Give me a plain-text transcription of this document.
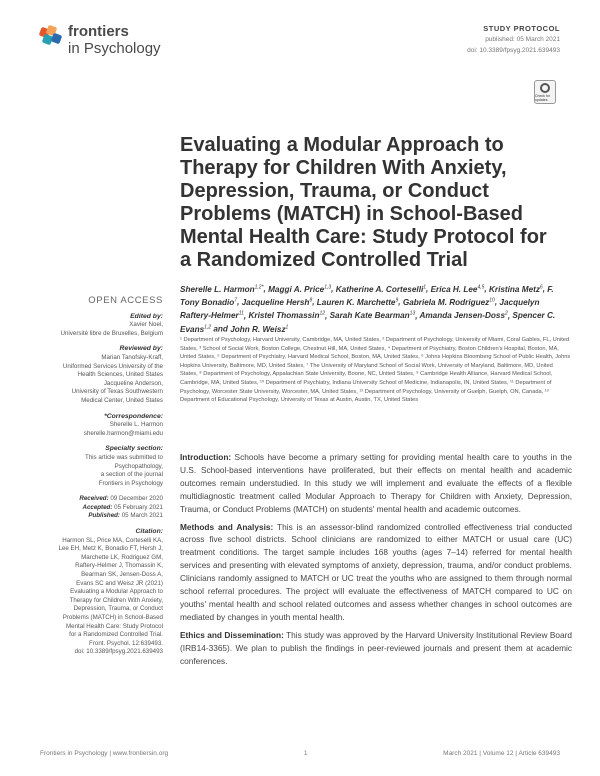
frontiers
in Psychology
STUDY PROTOCOL
published: 05 March 2021
doi: 10.3389/fpsyg.2021.639493
Check for updates
Evaluating a Modular Approach to Therapy for Children With Anxiety, Depression, Trauma, or Conduct Problems (MATCH) in School-Based Mental Health Care: Study Protocol for a Randomized Controlled Trial
Sherelle L. Harmon$^{1,2*}$, Maggi A. Price$^{1,3}$, Katherine A. Corteselli$^1$, Erica H. Lee$^{4,5}$, Kristina Metz$^6$, F. Tony Bonadio$^7$, Jacqueline Hersh$^8$, Lauren K. Marchette$^9$, Gabriela M. Rodriguez$^{10}$, Jacquelyn Raftery-Helmer$^{11}$, Kristel Thomassin$^{12}$, Sarah Kate Bearman$^{13}$, Amanda Jensen-Doss$^2$, Spencer C. Evans$^{1,2}$ and John R. Weisz$^1$
¹ Department of Psychology, Harvard University, Cambridge, MA, United States, ² Department of Psychology, University of Miami, Coral Gables, FL, United States, ³ School of Social Work, Boston College, Chestnut Hill, MA, United States, ⁴ Department of Psychiatry, Boston Children's Hospital, Boston, MA, United States, ⁵ Department of Psychiatry, Harvard Medical School, Boston, MA, United States, ⁶ Johns Hopkins Bloomberg School of Public Health, Johns Hopkins University, Baltimore, MD, United States, ⁷ The University of Maryland School of Social Work, University of Maryland, Baltimore, MD, United States, ⁸ Department of Psychology, Appalachian State University, Boone, NC, United States, ⁹ Cambridge Health Alliance, Harvard Medical School, Cambridge, MA, United States, ¹⁰ Department of Psychiatry, Indiana University School of Medicine, Indianapolis, IN, United States, ¹¹ Department of Psychology, Worcester State University, Worcester, MA, United States, ¹² Department of Psychology, University of Guelph, Guelph, ON, Canada, ¹³ Department of Educational Psychology, University of Texas at Austin, Austin, TX, United States

Introduction: Schools have become a primary setting for providing mental health care to youths in the U.S. School-based interventions have proliferated, but their effects on mental health and academic outcomes remain understudied. In this study we will implement and evaluate the effects of a flexible multidiagnostic treatment called Modular Approach to Therapy for Children with Anxiety, Depression, Trauma, or Conduct Problems (MATCH) on students' mental health and academic outcomes.

Methods and Analysis: This is an assessor-blind randomized controlled effectiveness trial conducted across five school districts. School clinicians are randomized to either MATCH or usual care (UC) treatment conditions. The target sample includes 168 youths (ages 7–14) referred for mental health services and presenting with elevated symptoms of anxiety, depression, trauma, and/or conduct problems. Clinicians randomly assigned to MATCH or UC treat the youths who are assigned to them through normal school referral procedures. The project will evaluate the effectiveness of MATCH compared to UC on youths' mental health and school related outcomes and assess whether changes in school outcomes are mediated by changes in youth mental health.

Ethics and Dissemination: This study was approved by the Harvard University Institutional Review Board (IRB14-3365). We plan to publish the findings in peer-reviewed journals and present them at academic conferences.

OPEN ACCESS
Edited by:
Xavier Noel,
Université libre de Bruxelles, Belgium
Reviewed by:
Marian Tanofsky-Kraff,
Uniformed Services University of the
Health Sciences, United States
Jacqueline Anderson,
University of Texas Southwestern
Medical Center, United States
*Correspondence:
Sherelle L. Harmon
sherelle.harmon@miami.edu
Specialty section:
This article was submitted to
Psychopathology,
a section of the journal
Frontiers in Psychology
Received: 09 December 2020
Accepted: 05 February 2021
Published: 05 March 2021
Citation:
Harmon SL, Price MA, Corteselli KA,
Lee EH, Metz K, Bonadio FT, Hersh J,
Marchette LK, Rodriguez GM,
Raftery-Helmer J, Thomassin K,
Bearman SK, Jensen-Doss A,
Evans SC and Weisz JR (2021)
Evaluating a Modular Approach to
Therapy for Children With Anxiety,
Depression, Trauma, or Conduct
Problems (MATCH) in School-Based
Mental Health Care: Study Protocol
for a Randomized Controlled Trial.
Front. Psychol. 12:639493.
doi: 10.3389/fpsyg.2021.639493
Frontiers in Psychology | www.frontiersin.org	1	March 2021 | Volume 12 | Article 639493
